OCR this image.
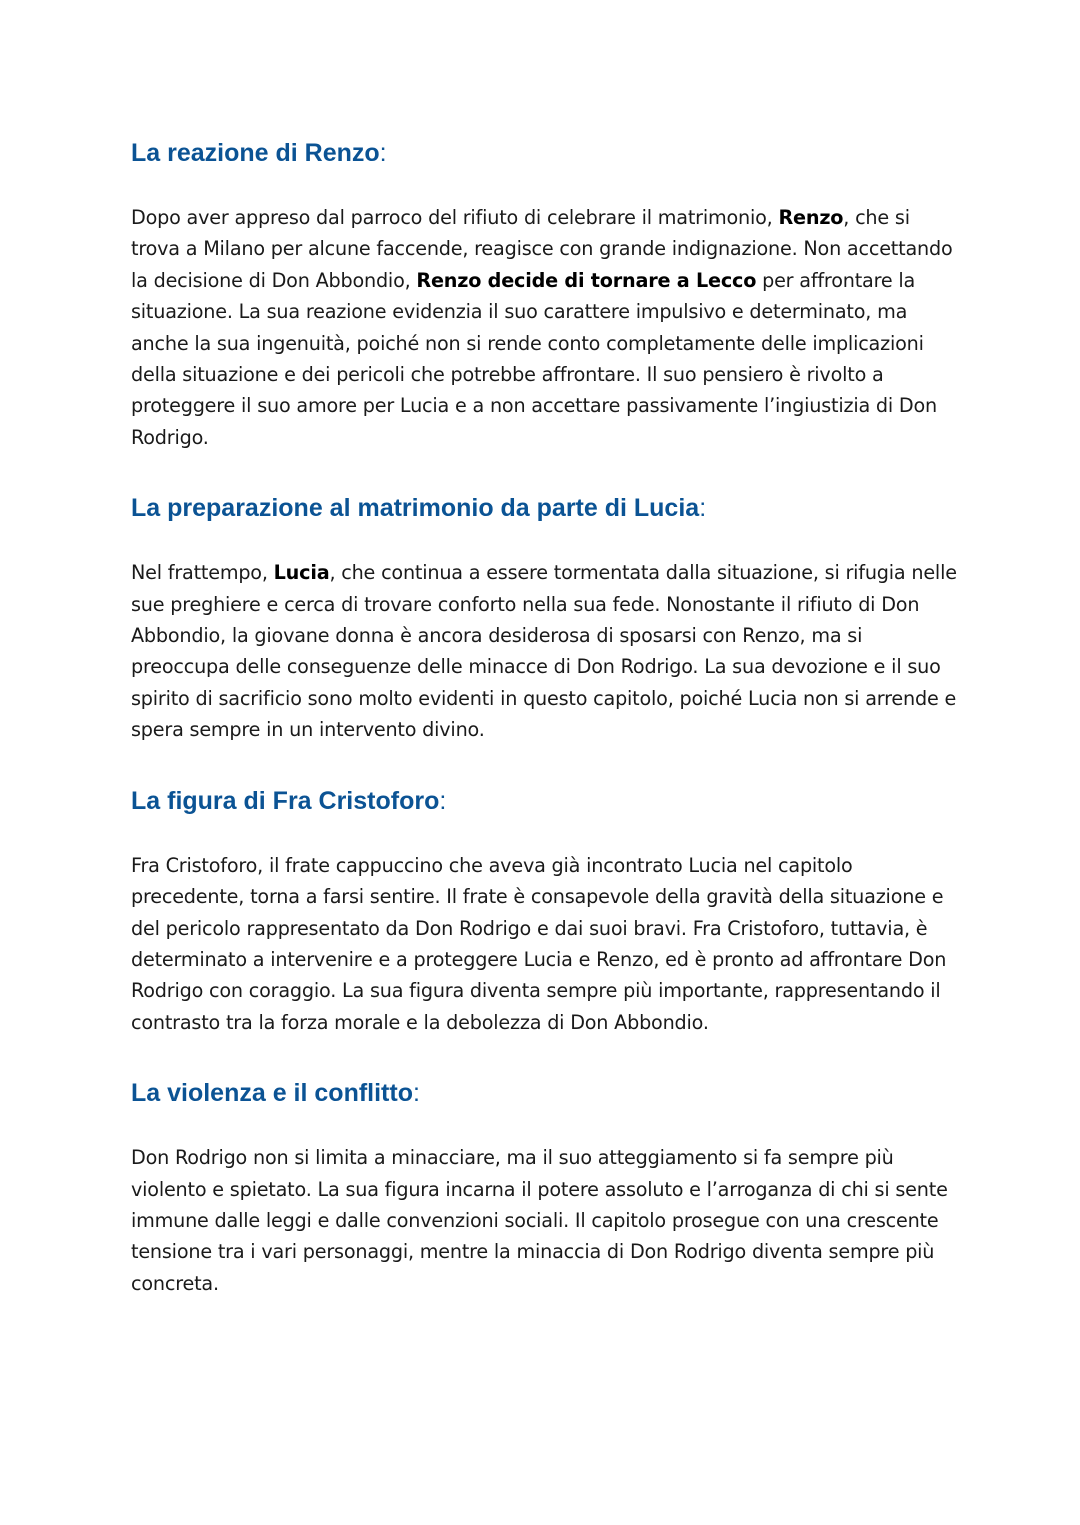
La reazione di Renzo:

Dopo aver appreso dal parroco del rifiuto di celebrare il matrimonio, Renzo, che si trova a Milano per alcune faccende, reagisce con grande indignazione. Non accettando la decisione di Don Abbondio, Renzo decide di tornare a Lecco per affrontare la situazione. La sua reazione evidenzia il suo carattere impulsivo e determinato, ma anche la sua ingenuità, poiché non si rende conto completamente delle implicazioni della situazione e dei pericoli che potrebbe affrontare. Il suo pensiero è rivolto a proteggere il suo amore per Lucia e a non accettare passivamente l’ingiustizia di Don Rodrigo.

La preparazione al matrimonio da parte di Lucia:

Nel frattempo, Lucia, che continua a essere tormentata dalla situazione, si rifugia nelle sue preghiere e cerca di trovare conforto nella sua fede. Nonostante il rifiuto di Don Abbondio, la giovane donna è ancora desiderosa di sposarsi con Renzo, ma si preoccupa delle conseguenze delle minacce di Don Rodrigo. La sua devozione e il suo spirito di sacrificio sono molto evidenti in questo capitolo, poiché Lucia non si arrende e spera sempre in un intervento divino.

La figura di Fra Cristoforo:

Fra Cristoforo, il frate cappuccino che aveva già incontrato Lucia nel capitolo precedente, torna a farsi sentire. Il frate è consapevole della gravità della situazione e del pericolo rappresentato da Don Rodrigo e dai suoi bravi. Fra Cristoforo, tuttavia, è determinato a intervenire e a proteggere Lucia e Renzo, ed è pronto ad affrontare Don Rodrigo con coraggio. La sua figura diventa sempre più importante, rappresentando il contrasto tra la forza morale e la debolezza di Don Abbondio.

La violenza e il conflitto:

Don Rodrigo non si limita a minacciare, ma il suo atteggiamento si fa sempre più violento e spietato. La sua figura incarna il potere assoluto e l’arroganza di chi si sente immune dalle leggi e dalle convenzioni sociali. Il capitolo prosegue con una crescente tensione tra i vari personaggi, mentre la minaccia di Don Rodrigo diventa sempre più concreta.
